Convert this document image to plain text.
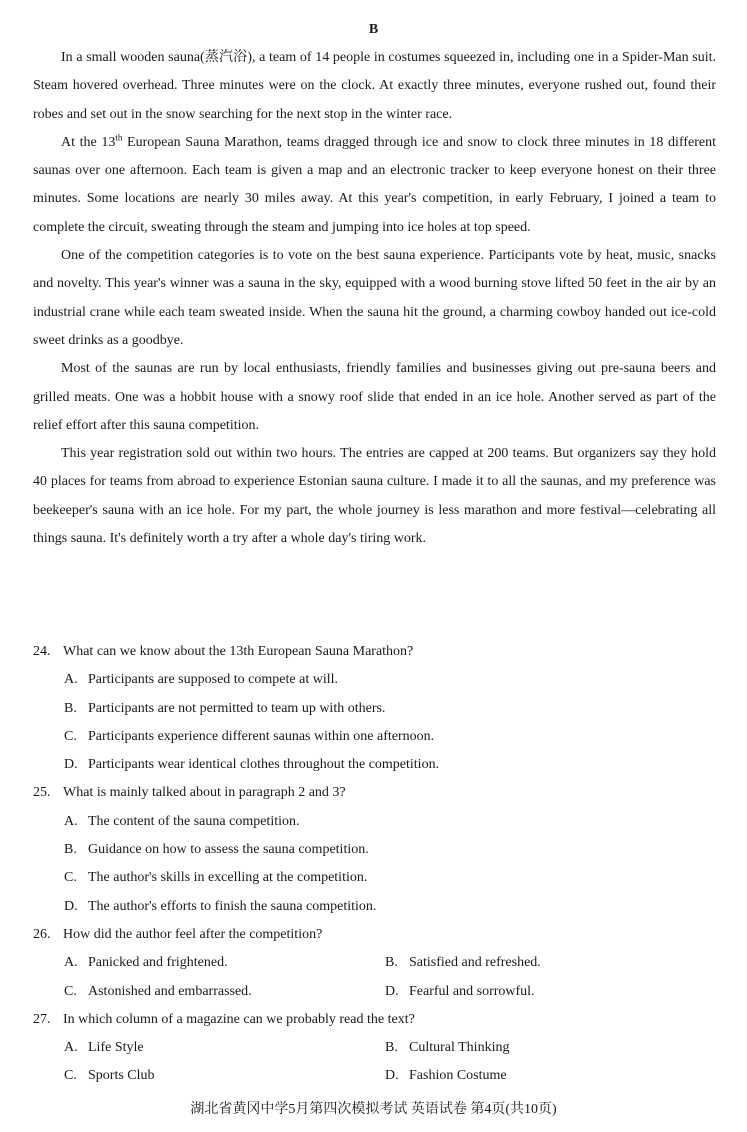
B

In a small wooden sauna(蒸汽浴), a team of 14 people in costumes squeezed in, including one in a Spider-Man suit. Steam hovered overhead. Three minutes were on the clock. At exactly three minutes, everyone rushed out, found their robes and set out in the snow searching for the next stop in the winter race.

At the 13th European Sauna Marathon, teams dragged through ice and snow to clock three minutes in 18 different saunas over one afternoon. Each team is given a map and an electronic tracker to keep everyone honest on their three minutes. Some locations are nearly 30 miles away. At this year's competition, in early February, I joined a team to complete the circuit, sweating through the steam and jumping into ice holes at top speed.

One of the competition categories is to vote on the best sauna experience. Participants vote by heat, music, snacks and novelty. This year's winner was a sauna in the sky, equipped with a wood burning stove lifted 50 feet in the air by an industrial crane while each team sweated inside. When the sauna hit the ground, a charming cowboy handed out ice-cold sweet drinks as a goodbye.

Most of the saunas are run by local enthusiasts, friendly families and businesses giving out pre-sauna beers and grilled meats. One was a hobbit house with a snowy roof slide that ended in an ice hole. Another served as part of the relief effort after this sauna competition.

This year registration sold out within two hours. The entries are capped at 200 teams. But organizers say they hold 40 places for teams from abroad to experience Estonian sauna culture. I made it to all the saunas, and my preference was beekeeper's sauna with an ice hole. For my part, the whole journey is less marathon and more festival—celebrating all things sauna. It's definitely worth a try after a whole day's tiring work.

24. What can we know about the 13th European Sauna Marathon?
A. Participants are supposed to compete at will.
B. Participants are not permitted to team up with others.
C. Participants experience different saunas within one afternoon.
D. Participants wear identical clothes throughout the competition.
25. What is mainly talked about in paragraph 2 and 3?
A. The content of the sauna competition.
B. Guidance on how to assess the sauna competition.
C. The author's skills in excelling at the competition.
D. The author's efforts to finish the sauna competition.
26. How did the author feel after the competition?
A. Panicked and frightened.	B. Satisfied and refreshed.
C. Astonished and embarrassed.	D. Fearful and sorrowful.
27. In which column of a magazine can we probably read the text?
A. Life Style	B. Cultural Thinking
C. Sports Club	D. Fashion Costume
湖北省黄冈中学5月第四次模拟考试 英语试卷 第4页(共10页)
